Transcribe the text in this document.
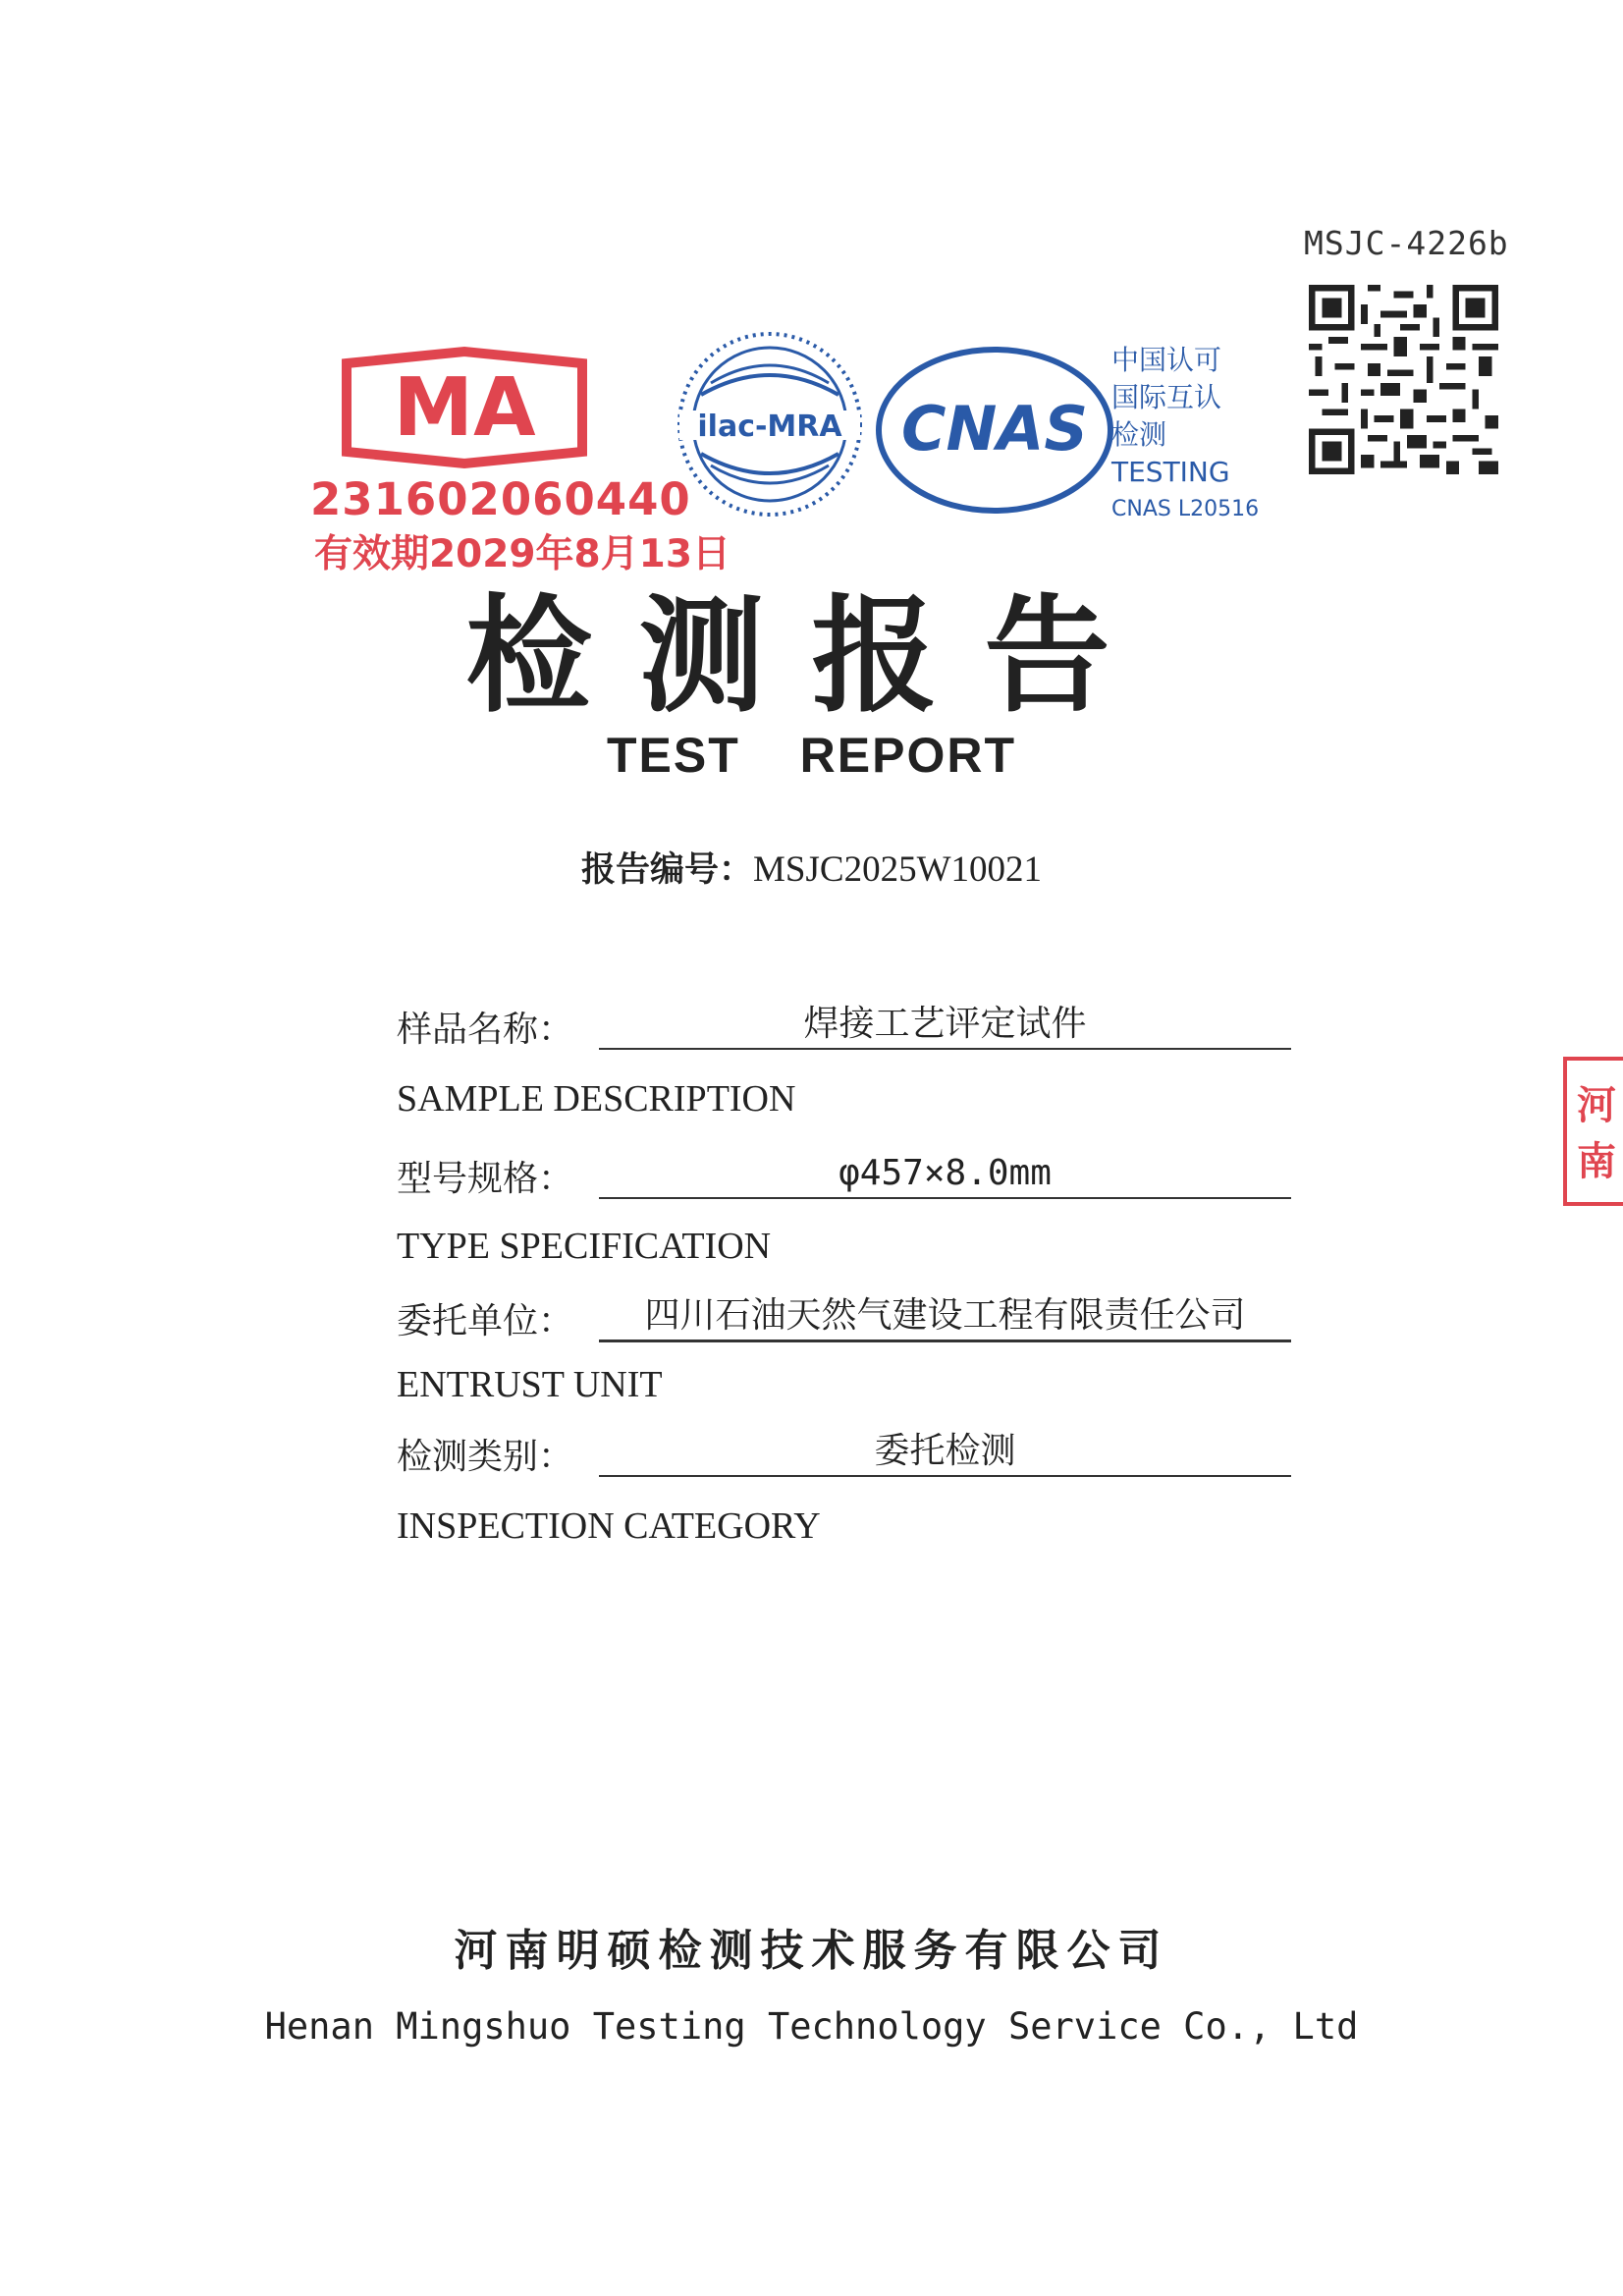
MSJC-4226b
MA
231602060440
有效期2029年8月13日
ilac-MRA CNAS
中国认可
国际互认
检测
TESTING
CNAS L20516
检测报告
TEST REPORT
报告编号：MSJC2025W10021
样品名称：	焊接工艺评定试件
SAMPLE DESCRIPTION
型号规格：	φ457×8.0mm
TYPE SPECIFICATION
委托单位：	四川石油天然气建设工程有限责任公司
ENTRUST UNIT
检测类别：	委托检测
INSPECTION CATEGORY
河南明硕检测技术服务有限公司
Henan Mingshuo Testing Technology Service Co., Ltd
河南
